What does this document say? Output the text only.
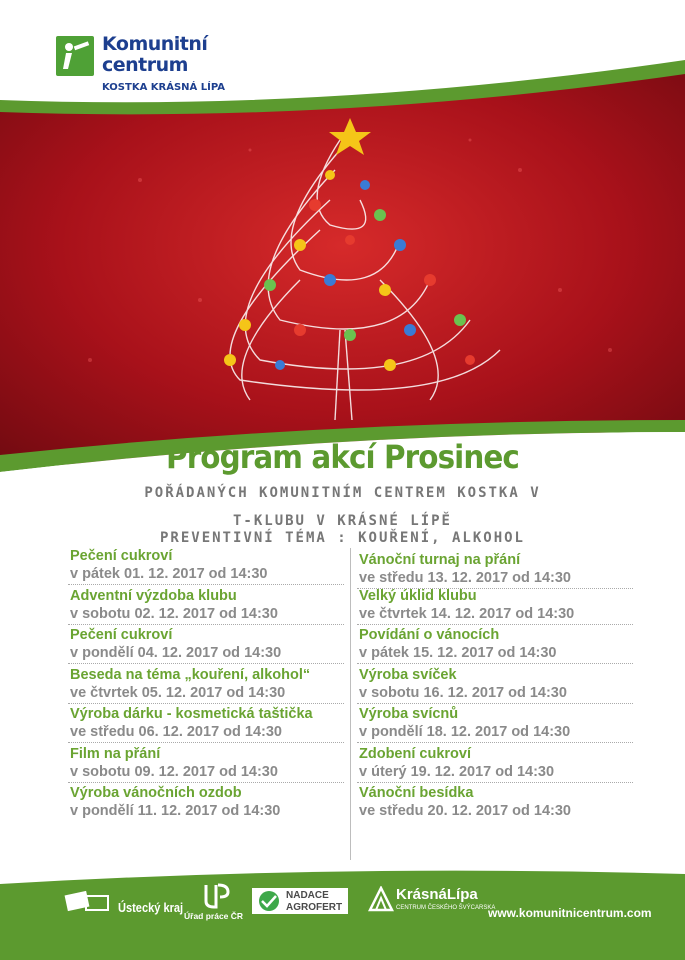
Komunitní
centrum
KOSTKA KRÁSNÁ LÍPA
Program akcí Prosinec
POŘÁDANÝCH KOMUNITNÍM CENTREM KOSTKA V
T-KLUBU V KRÁSNÉ LÍPĚ
PREVENTIVNÍ TÉMA : KOUŘENÍ, ALKOHOL
Pečení cukroví
v pátek 01. 12. 2017 od 14:30
Adventní výzdoba klubu
v sobotu 02. 12. 2017 od 14:30
Pečení cukroví
v pondělí 04. 12. 2017 od 14:30
Beseda na téma „kouření, alkohol“
ve čtvrtek 05. 12. 2017 od 14:30
Výroba dárku - kosmetická taštička
ve středu 06. 12. 2017 od 14:30
Film na přání
v sobotu 09. 12. 2017 od 14:30
Výroba vánočních ozdob
v pondělí 11. 12. 2017 od 14:30
Vánoční turnaj na přání
ve středu 13. 12. 2017 od 14:30
Velký úklid klubu
ve čtvrtek 14. 12. 2017 od 14:30
Povídání o vánocích
v pátek 15. 12. 2017 od 14:30
Výroba svíček
v sobotu 16. 12. 2017 od 14:30
Výroba svícnů
v pondělí 18. 12. 2017 od 14:30
Zdobení cukroví
v úterý 19. 12. 2017 od 14:30
Vánoční besídka
ve středu 20. 12. 2017 od 14:30
Ústecký kraj
Úřad práce ČR
NADACE
AGROFERT
KrásnáLípa
CENTRUM ČESKÉHO ŠVÝCARSKA
www.komunitnicentrum.com
